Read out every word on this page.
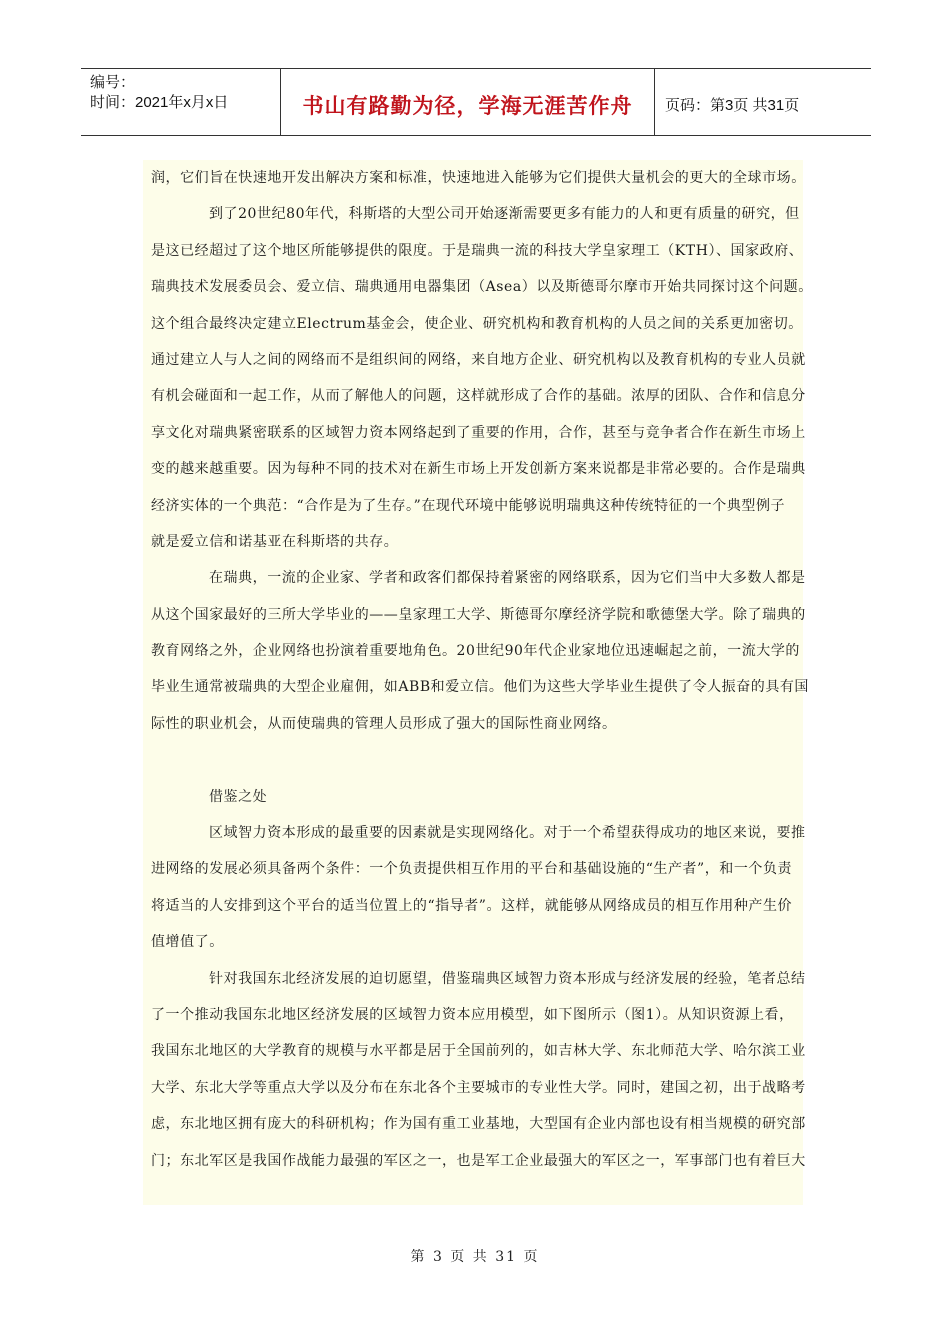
编号：
时间：2021年x月x日	书山有路勤为径，学海无涯苦作舟 页码：第3页 共31页
润，它们旨在快速地开发出解决方案和标准，快速地进入能够为它们提供大量机会的更大的全球市场。
到了20世纪80年代，科斯塔的大型公司开始逐渐需要更多有能力的人和更有质量的研究，但
是这已经超过了这个地区所能够提供的限度。于是瑞典一流的科技大学皇家理工（KTH）、国家政府、
瑞典技术发展委员会、爱立信、瑞典通用电器集团（Asea）以及斯德哥尔摩市开始共同探讨这个问题。
这个组合最终决定建立Electrum基金会，使企业、研究机构和教育机构的人员之间的关系更加密切。
通过建立人与人之间的网络而不是组织间的网络，来自地方企业、研究机构以及教育机构的专业人员就
有机会碰面和一起工作，从而了解他人的问题，这样就形成了合作的基础。浓厚的团队、合作和信息分
享文化对瑞典紧密联系的区域智力资本网络起到了重要的作用，合作，甚至与竞争者合作在新生市场上
变的越来越重要。因为每种不同的技术对在新生市场上开发创新方案来说都是非常必要的。合作是瑞典
经济实体的一个典范：“合作是为了生存。”在现代环境中能够说明瑞典这种传统特征的一个典型例子
就是爱立信和诺基亚在科斯塔的共存。
在瑞典，一流的企业家、学者和政客们都保持着紧密的网络联系，因为它们当中大多数人都是
从这个国家最好的三所大学毕业的——皇家理工大学、斯德哥尔摩经济学院和歌德堡大学。除了瑞典的
教育网络之外，企业网络也扮演着重要地角色。20世纪90年代企业家地位迅速崛起之前，一流大学的
毕业生通常被瑞典的大型企业雇佣，如ABB和爱立信。他们为这些大学毕业生提供了令人振奋的具有国
际性的职业机会，从而使瑞典的管理人员形成了强大的国际性商业网络。
借鉴之处
区域智力资本形成的最重要的因素就是实现网络化。对于一个希望获得成功的地区来说，要推
进网络的发展必须具备两个条件：一个负责提供相互作用的平台和基础设施的“生产者”，和一个负责
将适当的人安排到这个平台的适当位置上的“指导者”。这样，就能够从网络成员的相互作用种产生价
值增值了。
针对我国东北经济发展的迫切愿望，借鉴瑞典区域智力资本形成与经济发展的经验，笔者总结
了一个推动我国东北地区经济发展的区域智力资本应用模型，如下图所示（图1）。从知识资源上看，
我国东北地区的大学教育的规模与水平都是居于全国前列的，如吉林大学、东北师范大学、哈尔滨工业
大学、东北大学等重点大学以及分布在东北各个主要城市的专业性大学。同时，建国之初，出于战略考
虑，东北地区拥有庞大的科研机构；作为国有重工业基地，大型国有企业内部也设有相当规模的研究部
门；东北军区是我国作战能力最强的军区之一，也是军工企业最强大的军区之一，军事部门也有着巨大
第 3 页 共 31 页
